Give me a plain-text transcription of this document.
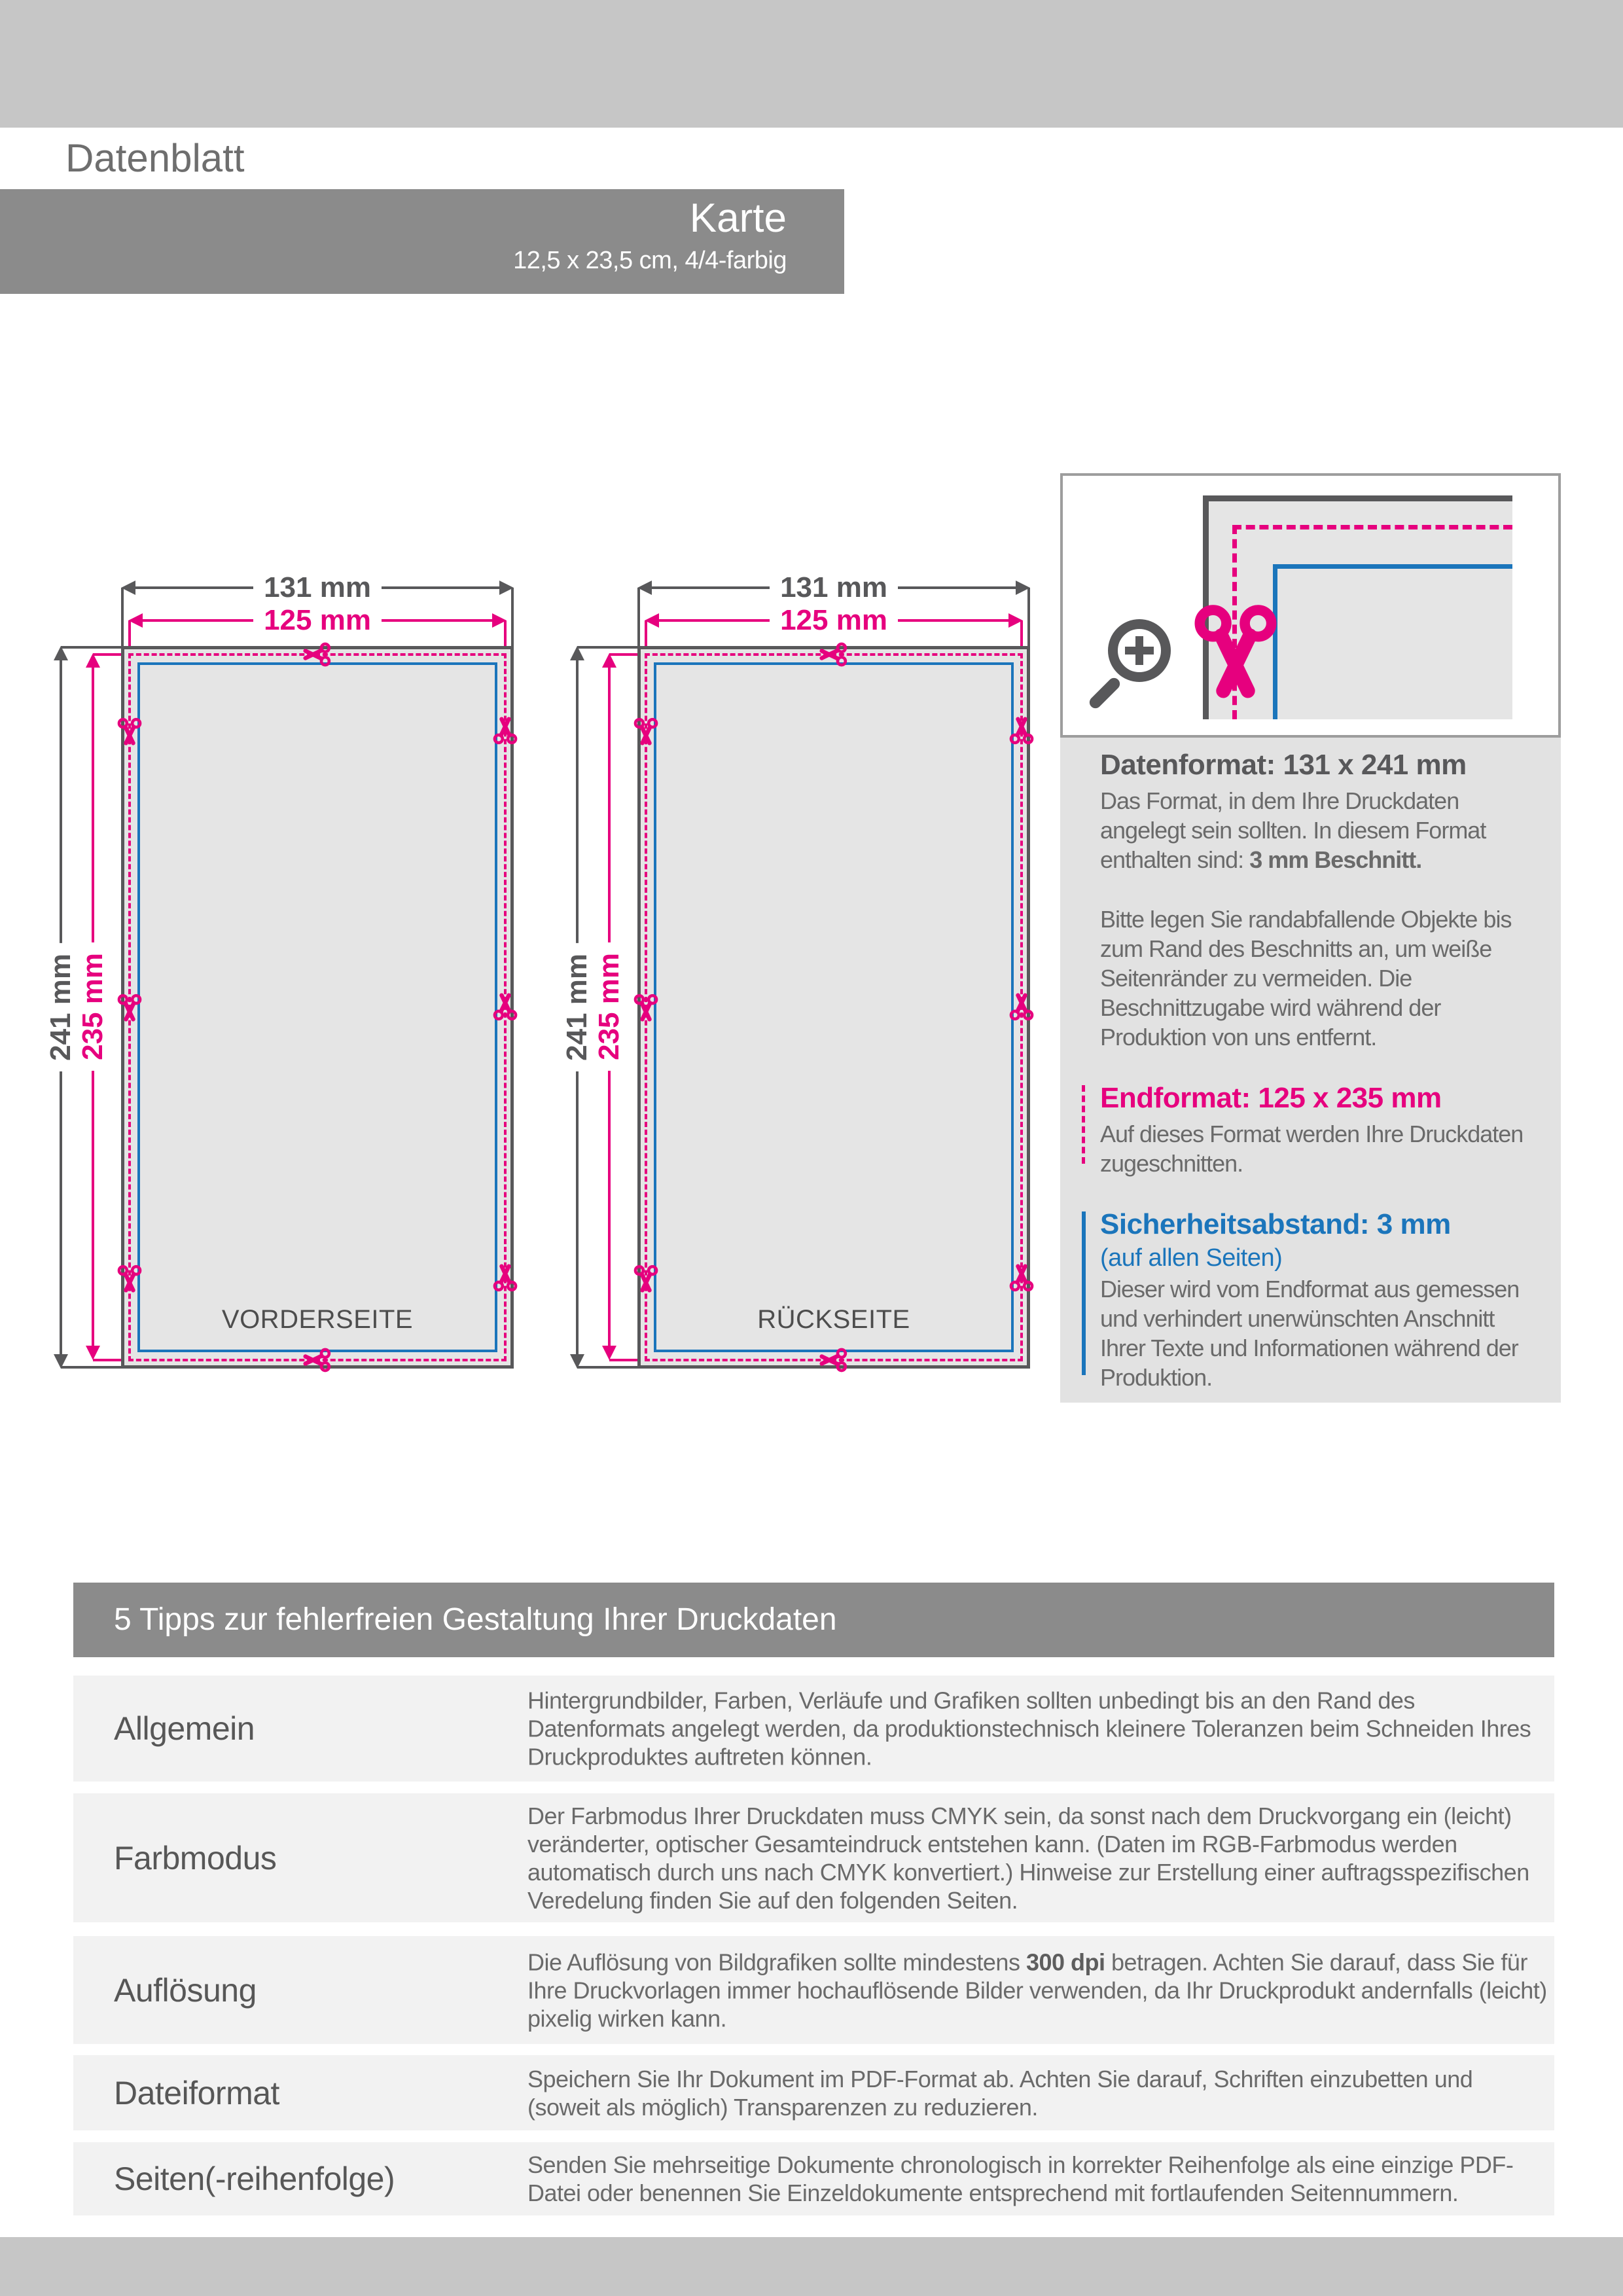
Datenblatt
Karte
12,5 x 23,5 cm, 4/4-farbig
131 mm
125 mm
241 mm 235 mm
VORDERSEITE
131 mm
125 mm
241 mm 235 mm
RÜCKSEITE
Datenformat: 131 x 241 mm

Das Format, in dem Ihre Druckdaten angelegt sein sollten. In diesem Format enthalten sind: 3 mm Beschnitt.

Bitte legen Sie randabfallende Objekte bis zum Rand des Beschnitts an, um weiße Seitenränder zu vermeiden. Die Beschnittzugabe wird während der Produktion von uns entfernt.

Endformat: 125 x 235 mm

Auf dieses Format werden Ihre Druckdaten zugeschnitten.

Sicherheitsabstand: 3 mm
(auf allen Seiten)

Dieser wird vom Endformat aus gemessen und verhindert unerwünschten Anschnitt Ihrer Texte und Informationen während der Produktion.

5 Tipps zur fehlerfreien Gestaltung Ihrer Druckdaten
Allgemein
Hintergrundbilder, Farben, Verläufe und Grafiken sollten unbedingt bis an den Rand des Datenformats angelegt werden, da produktionstechnisch kleinere Toleranzen beim Schneiden Ihres Druckproduktes auftreten können.
Farbmodus
Der Farbmodus Ihrer Druckdaten muss CMYK sein, da sonst nach dem Druckvorgang ein (leicht) veränderter, optischer Gesamteindruck entstehen kann. (Daten im RGB-Farbmodus werden automatisch durch uns nach CMYK konvertiert.) Hinweise zur Erstellung einer auftragsspezifischen Veredelung finden Sie auf den folgenden Seiten.
Auflösung
Die Auflösung von Bildgrafiken sollte mindestens 300 dpi betragen. Achten Sie darauf, dass Sie für Ihre Druckvorlagen immer hochauflösende Bilder verwenden, da Ihr Druckprodukt andernfalls (leicht) pixelig wirken kann.
Dateiformat	Speichern Sie Ihr Dokument im PDF-Format ab. Achten Sie darauf, Schriften einzubetten und (soweit als möglich) Transparenzen zu reduzieren.
Seiten(-reihenfolge)	Senden Sie mehrseitige Dokumente chronologisch in korrekter Reihenfolge als eine einzige PDF-Datei oder benennen Sie Einzeldokumente entsprechend mit fortlaufenden Seitennummern.
